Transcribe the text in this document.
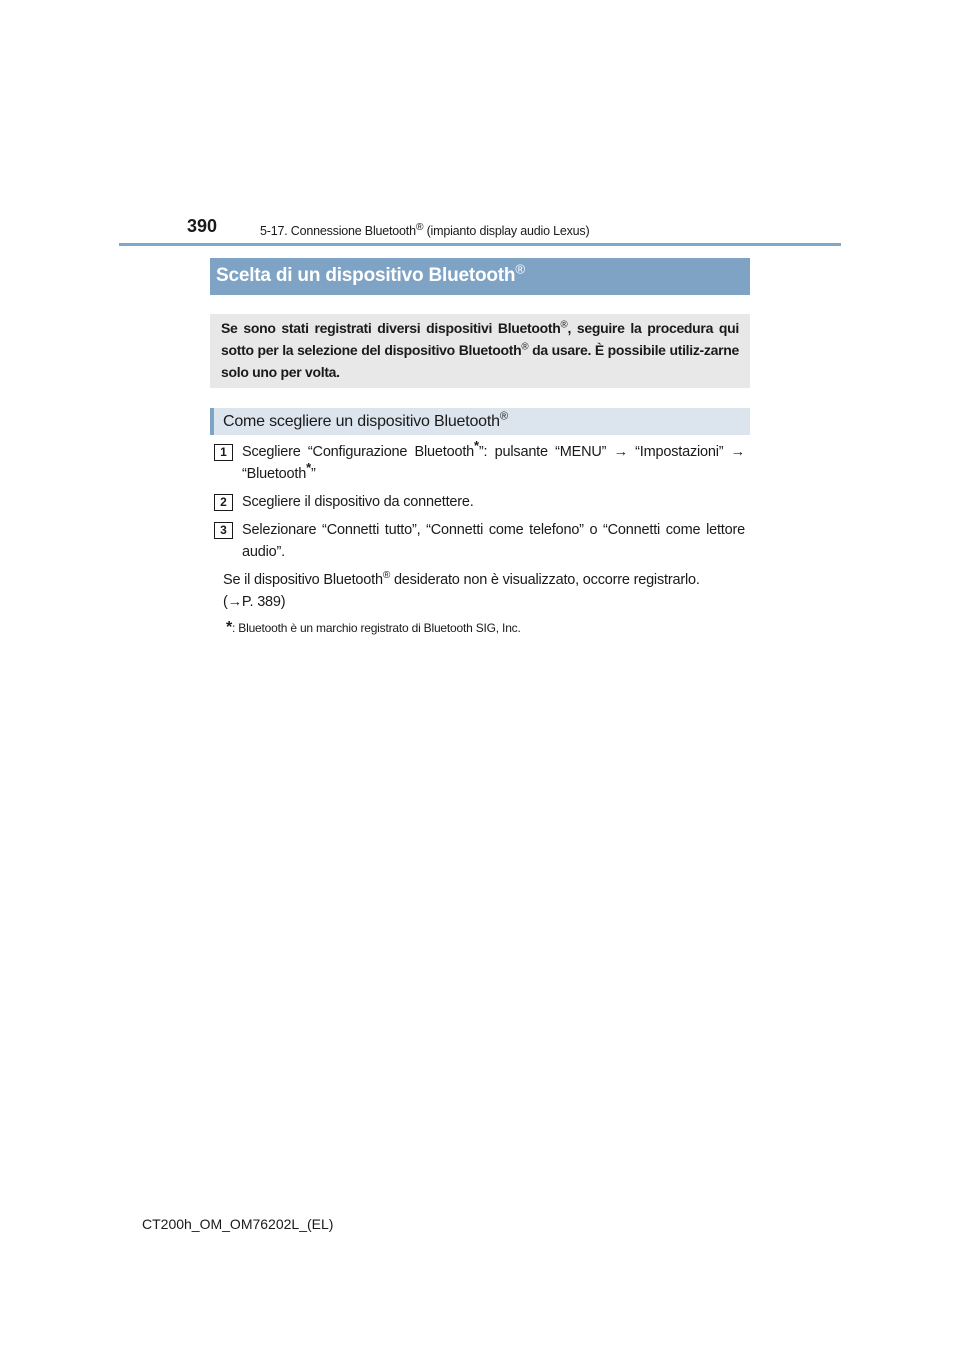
390	5-17. Connessione Bluetooth® (impianto display audio Lexus)
Scelta di un dispositivo Bluetooth®
Se sono stati registrati diversi dispositivi Bluetooth®, seguire la procedura qui sotto per la selezione del dispositivo Bluetooth® da usare. È possibile utiliz-zarne solo uno per volta.
Come scegliere un dispositivo Bluetooth®
1	Scegliere “Configurazione Bluetooth*”: pulsante “MENU” → “Impostazioni” → “Bluetooth*”
2	Scegliere il dispositivo da connettere.
3	Selezionare “Connetti tutto”, “Connetti come telefono” o “Connetti come lettore audio”.
Se il dispositivo Bluetooth® desiderato non è visualizzato, occorre registrarlo.
(→P. 389)
*: Bluetooth è un marchio registrato di Bluetooth SIG, Inc.
CT200h_OM_OM76202L_(EL)
